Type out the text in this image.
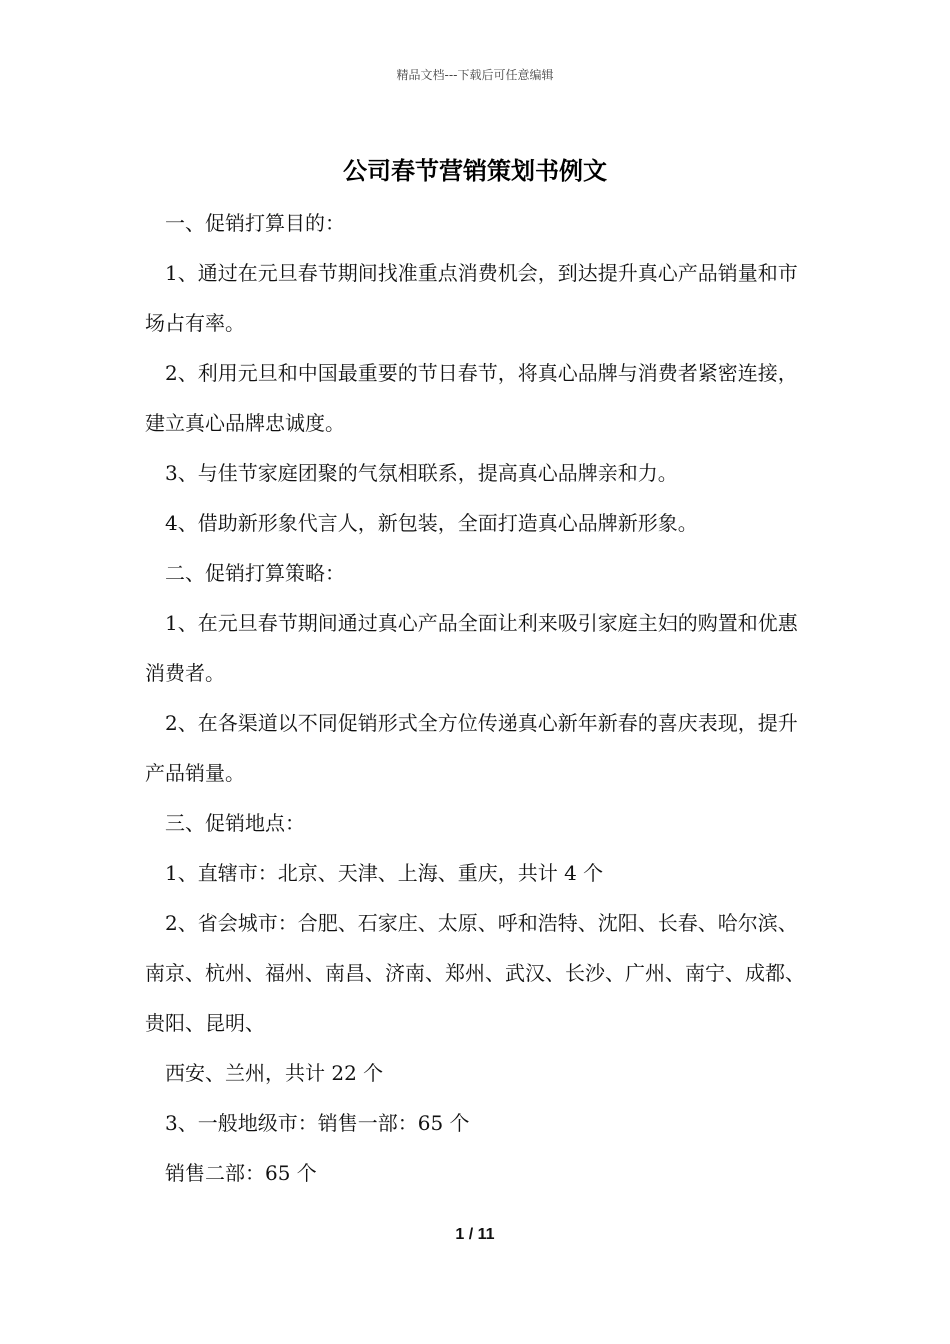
精品文档---下载后可任意编辑
公司春节营销策划书例文

一、促销打算目的：

1、通过在元旦春节期间找准重点消费机会，到达提升真心产品销量和市场占有率。

2、利用元旦和中国最重要的节日春节，将真心品牌与消费者紧密连接，建立真心品牌忠诚度。

3、与佳节家庭团聚的气氛相联系，提高真心品牌亲和力。

4、借助新形象代言人，新包装，全面打造真心品牌新形象。

二、促销打算策略：

1、在元旦春节期间通过真心产品全面让利来吸引家庭主妇的购置和优惠消费者。

2、在各渠道以不同促销形式全方位传递真心新年新春的喜庆表现，提升产品销量。

三、促销地点：

1、直辖市：北京、天津、上海、重庆，共计 4 个

2、省会城市：合肥、石家庄、太原、呼和浩特、沈阳、长春、哈尔滨、南京、杭州、福州、南昌、济南、郑州、武汉、长沙、广州、南宁、成都、贵阳、昆明、

西安、兰州，共计 22 个

3、一般地级市：销售一部：65 个

销售二部：65 个

1 / 11
